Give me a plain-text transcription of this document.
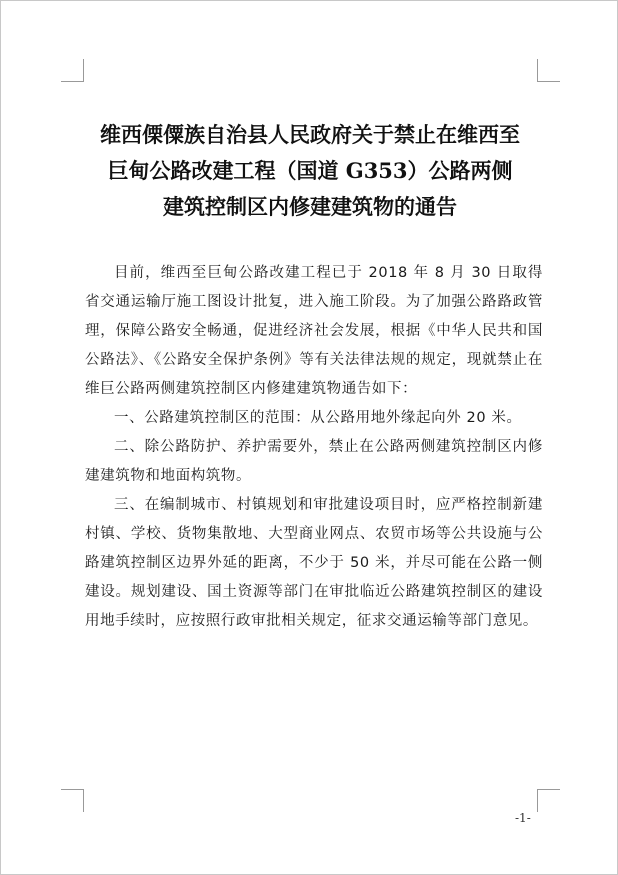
维西傈僳族自治县人民政府关于禁止在维西至
巨甸公路改建工程（国道 G353）公路两侧
建筑控制区内修建建筑物的通告

目前，维西至巨甸公路改建工程已于 2018 年 8 月 30 日取得省交通运输厅施工图设计批复，进入施工阶段。为了加强公路路政管理，保障公路安全畅通，促进经济社会发展，根据《中华人民共和国公路法》、《公路安全保护条例》等有关法律法规的规定，现就禁止在维巨公路两侧建筑控制区内修建建筑物通告如下：

一、公路建筑控制区的范围：从公路用地外缘起向外 20 米。

二、除公路防护、养护需要外，禁止在公路两侧建筑控制区内修建建筑物和地面构筑物。

三、在编制城市、村镇规划和审批建设项目时，应严格控制新建村镇、学校、货物集散地、大型商业网点、农贸市场等公共设施与公路建筑控制区边界外延的距离，不少于 50 米，并尽可能在公路一侧建设。规划建设、国土资源等部门在审批临近公路建筑控制区的建设用地手续时，应按照行政审批相关规定，征求交通运输等部门意见。

-1-
